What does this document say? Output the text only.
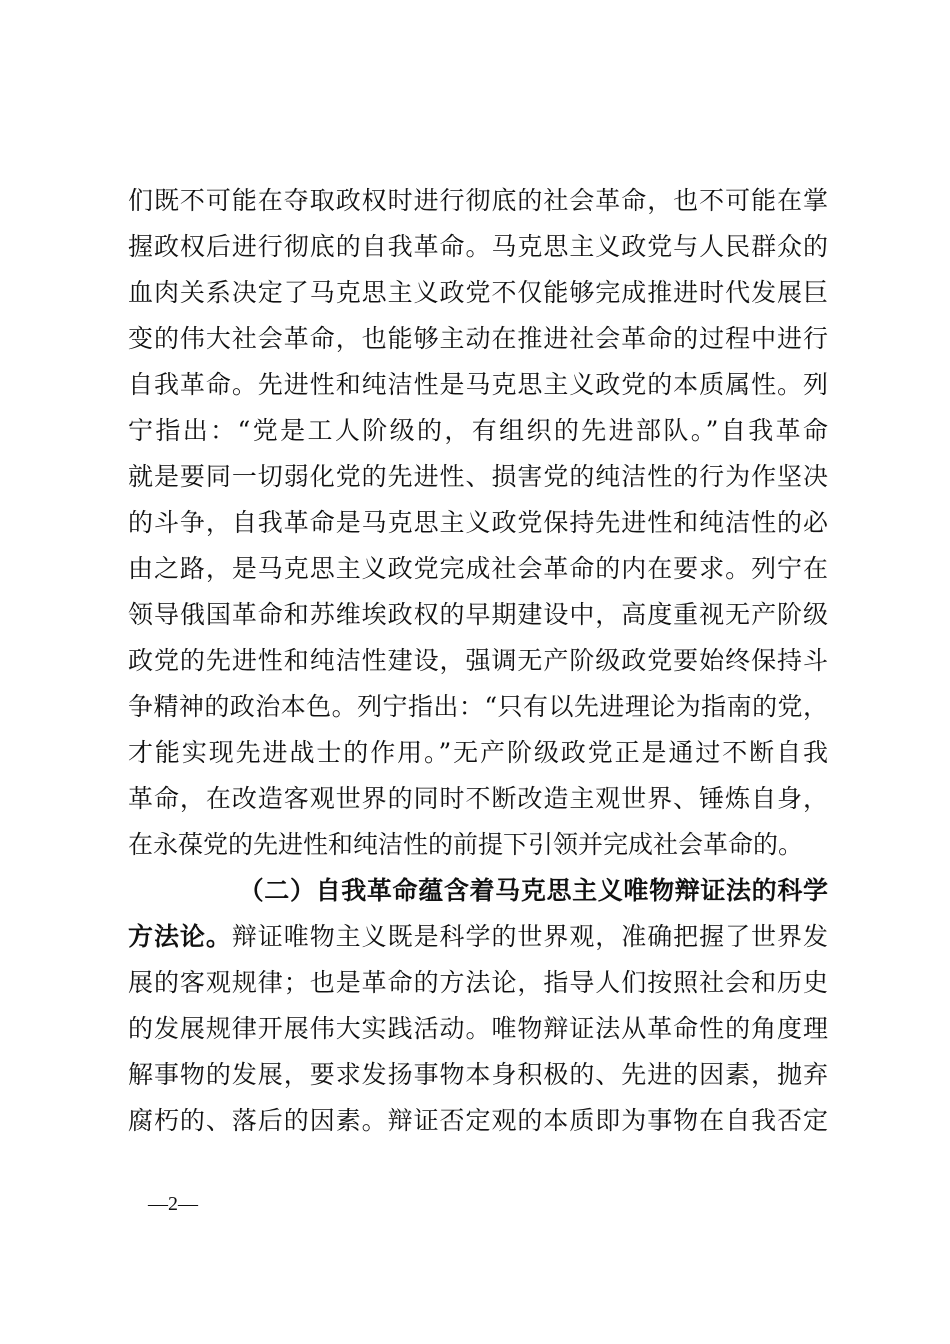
们既不可能在夺取政权时进行彻底的社会革命，也不可能在掌
握政权后进行彻底的自我革命。马克思主义政党与人民群众的
血肉关系决定了马克思主义政党不仅能够完成推进时代发展巨
变的伟大社会革命，也能够主动在推进社会革命的过程中进行
自我革命。先进性和纯洁性是马克思主义政党的本质属性。列
宁指出：“党是工人阶级的，有组织的先进部队。”自我革命
就是要同一切弱化党的先进性、损害党的纯洁性的行为作坚决
的斗争，自我革命是马克思主义政党保持先进性和纯洁性的必
由之路，是马克思主义政党完成社会革命的内在要求。列宁在
领导俄国革命和苏维埃政权的早期建设中，高度重视无产阶级
政党的先进性和纯洁性建设，强调无产阶级政党要始终保持斗
争精神的政治本色。列宁指出：“只有以先进理论为指南的党，
才能实现先进战士的作用。”无产阶级政党正是通过不断自我
革命，在改造客观世界的同时不断改造主观世界、锤炼自身，
在永葆党的先进性和纯洁性的前提下引领并完成社会革命的。
（二）自我革命蕴含着马克思主义唯物辩证法的科学
方法论。辩证唯物主义既是科学的世界观，准确把握了世界发
展的客观规律；也是革命的方法论，指导人们按照社会和历史
的发展规律开展伟大实践活动。唯物辩证法从革命性的角度理
解事物的发展，要求发扬事物本身积极的、先进的因素，抛弃
腐朽的、落后的因素。辩证否定观的本质即为事物在自我否定
—2—
